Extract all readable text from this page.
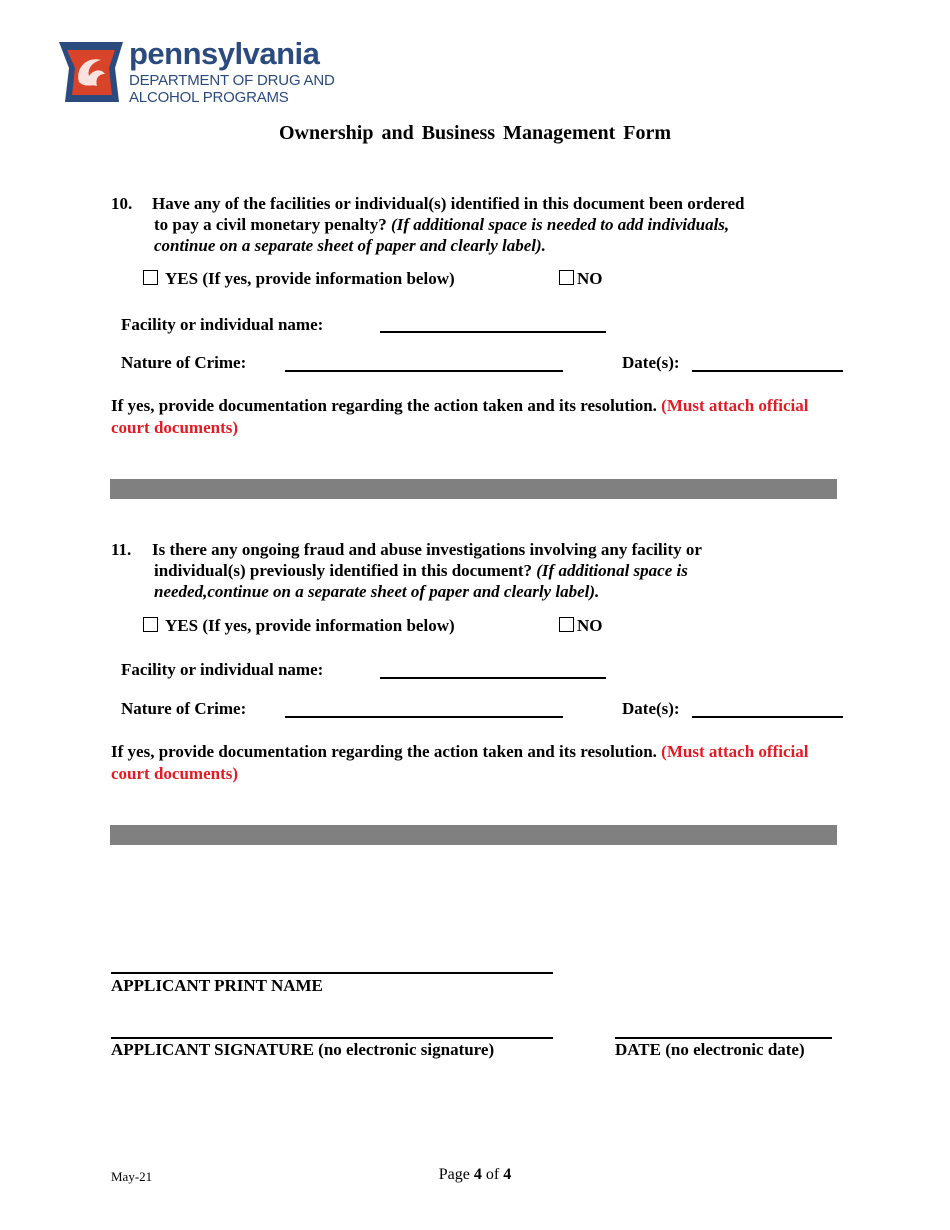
pennsylvania
DEPARTMENT OF DRUG AND
ALCOHOL PROGRAMS
Ownership and Business Management Form
10. Have any of the facilities or individual(s) identified in this document been ordered
to pay a civil monetary penalty? (If additional space is needed to add individuals,
continue on a separate sheet of paper and clearly label).
YES (If yes, provide information below)	NO
Facility or individual name:
Nature of Crime:	Date(s):
If yes, provide documentation regarding the action taken and its resolution. (Must attach official court documents)
11. Is there any ongoing fraud and abuse investigations involving any facility or
individual(s) previously identified in this document? (If additional space is
needed,continue on a separate sheet of paper and clearly label).
YES (If yes, provide information below)	NO
Facility or individual name:
Nature of Crime:	Date(s):
If yes, provide documentation regarding the action taken and its resolution. (Must attach official court documents)
APPLICANT PRINT NAME
APPLICANT SIGNATURE (no electronic signature)	DATE (no electronic date)
May-21	Page 4 of 4
